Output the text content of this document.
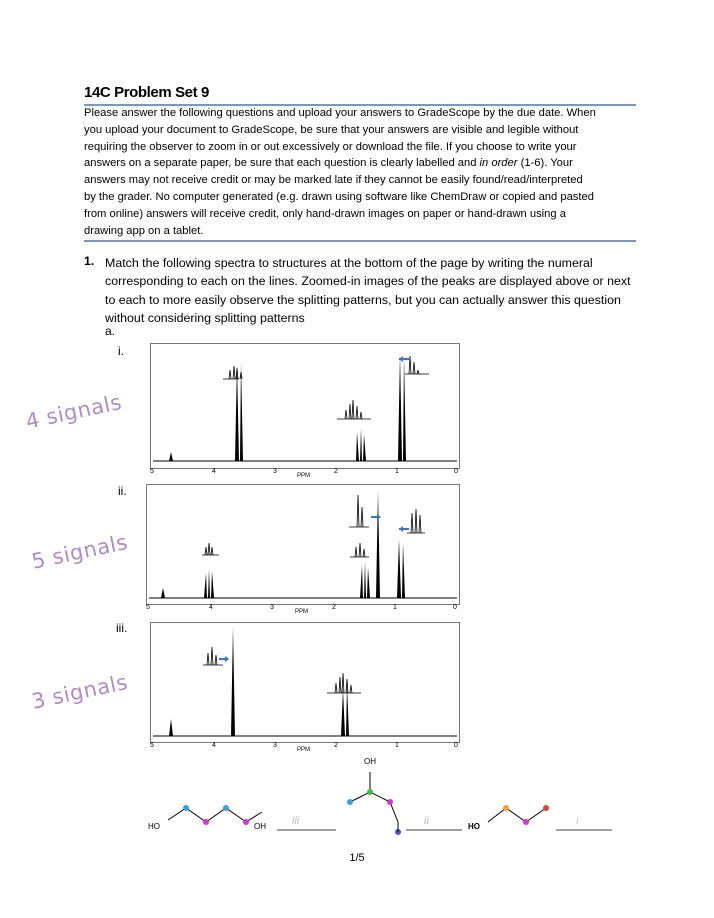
14C Problem Set 9

Please answer the following questions and upload your answers to GradeScope by the due date. When

you upload your document to GradeScope, be sure that your answers are visible and legible without

requiring the observer to zoom in or out excessively or download the file. If you choose to write your

answers on a separate paper, be sure that each question is clearly labelled and in order (1-6). Your

answers may not receive credit or may be marked late if they cannot be easily found/read/interpreted

by the grader. No computer generated (e.g. drawn using software like ChemDraw or copied and pasted

from online) answers will receive credit, only hand-drawn images on paper or hand-drawn using a

drawing app on a tablet.

1. Match the following spectra to structures at the bottom of the page by writing the numeral corresponding to each on the lines. Zoomed-in images of the peaks are displayed above or next to each to more easily observe the splitting patterns, but you can actually answer this question without considering splitting patterns
a.
i.
5	4	3	2	1	0
PPM
4 signals
ii.
5	4	3	2	1	0
PPM
5 signals
iii.
5	4	3	2	1	0
PPM
3 signals
HO	OH iii
OH
ii	HO	i
1/5
